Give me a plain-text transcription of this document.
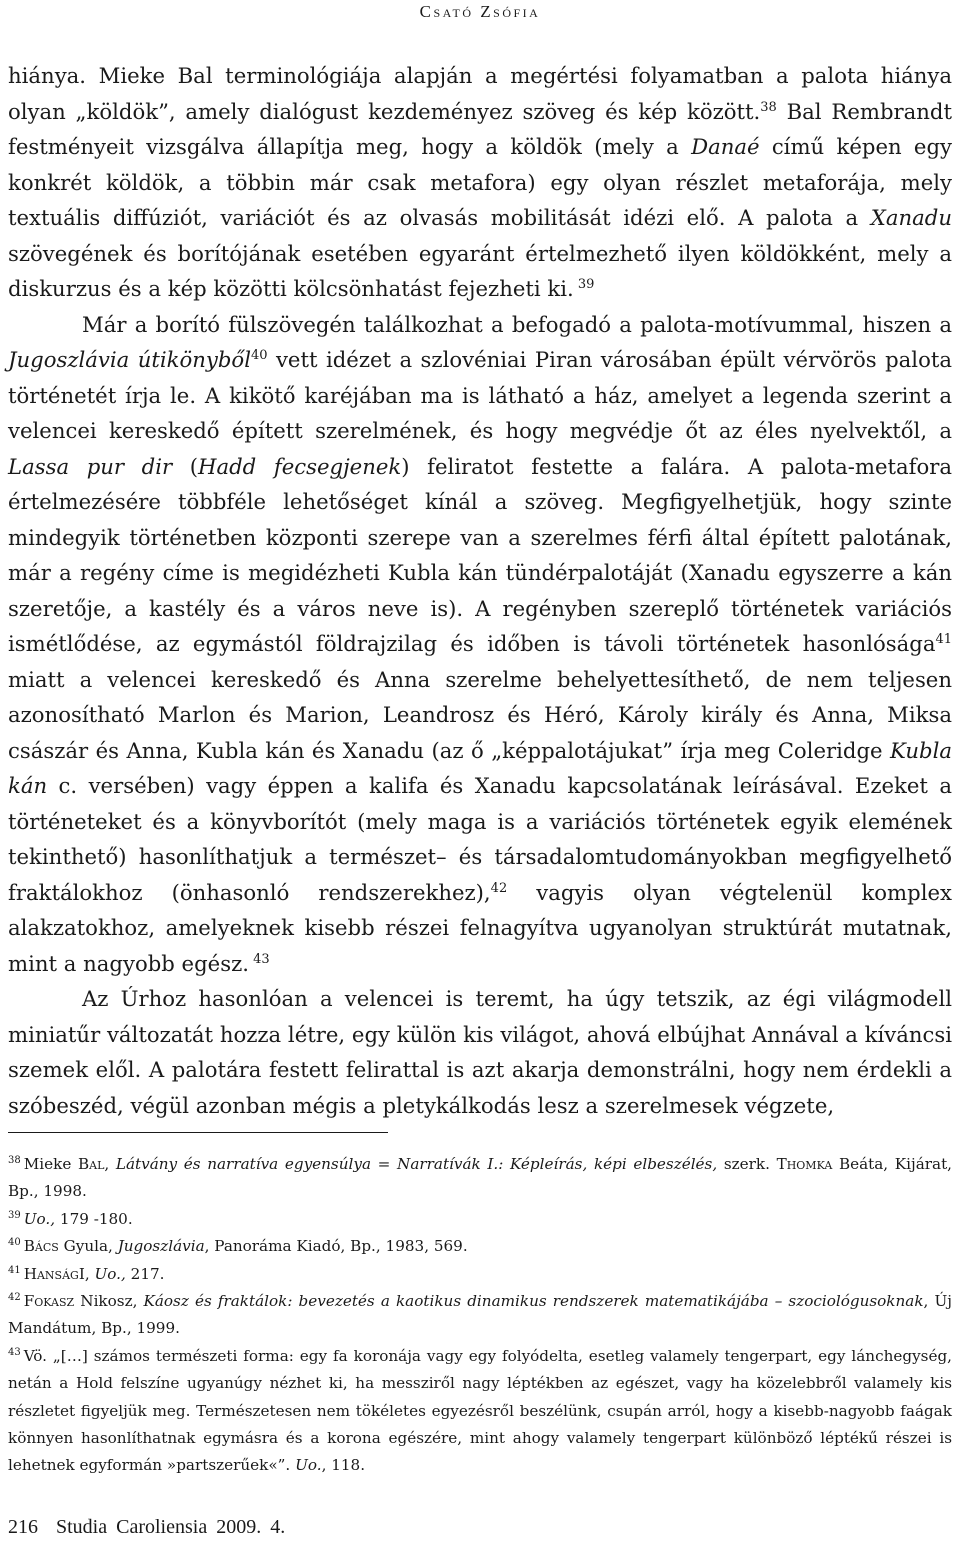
Csató Zsófia

hiánya. Mieke Bal terminológiája alapján a megértési folyamatban a palota hiánya olyan „köldök”, amely dialógust kezdeményez szöveg és kép között.$^{38}$ Bal Rembrandt festményeit vizsgálva állapítja meg, hogy a köldök (mely a Danaé című képen egy konkrét köldök, a többin már csak metafora) egy olyan részlet metaforája, mely textuális diffúziót, variációt és az olvasás mobilitását idézi elő. A palota a Xanadu szövegének és borítójának esetében egyaránt értelmezhető ilyen köldökként, mely a diskurzus és a kép közötti kölcsönhatást fejezheti ki. $^{39}$

Már a borító fülszövegén találkozhat a befogadó a palota-motívummal, hiszen a Jugoszlávia útikönyből$^{40}$ vett idézet a szlovéniai Piran városában épült vérvörös palota történetét írja le. A kikötő karéjában ma is látható a ház, amelyet a legenda szerint a velencei kereskedő épített szerelmének, és hogy megvédje őt az éles nyelvektől, a Lassa pur dir (Hadd fecsegjenek) feliratot festette a falára. A palota-metafora értelmezésére többféle lehetőséget kínál a szöveg. Megfigyelhetjük, hogy szinte mindegyik történetben központi szerepe van a szerelmes férfi által épített palotának, már a regény címe is megidézheti Kubla kán tündérpalotáját (Xanadu egyszerre a kán szeretője, a kastély és a város neve is). A regényben szereplő történetek variációs ismétlődése, az egymástól földrajzilag és időben is távoli történetek hasonlósága$^{41}$ miatt a velencei kereskedő és Anna szerelme behelyettesíthető, de nem teljesen azonosítható Marlon és Marion, Leandrosz és Héró, Károly király és Anna, Miksa császár és Anna, Kubla kán és Xanadu (az ő „képpalotájukat” írja meg Coleridge Kubla kán c. versében) vagy éppen a kalifa és Xanadu kapcsolatának leírásával. Ezeket a történeteket és a könyvborítót (mely maga is a variációs történetek egyik elemének tekinthető) hasonlíthatjuk a természet– és társadalomtudományokban megfigyelhető fraktálokhoz (önhasonló rendszerekhez),$^{42}$ vagyis olyan végtelenül komplex alakzatokhoz, amelyeknek kisebb részei felnagyítva ugyanolyan struktúrát mutatnak, mint a nagyobb egész. $^{43}$

Az Úrhoz hasonlóan a velencei is teremt, ha úgy tetszik, az égi világmodell miniatűr változatát hozza létre, egy külön kis világot, ahová elbújhat Annával a kíváncsi szemek elől. A palotára festett felirattal is azt akarja demonstrálni, hogy nem érdekli a szóbeszéd, végül azonban mégis a pletykálkodás lesz a szerelmesek végzete,

$^{38}$ Mieke Bal, Látvány és narratíva egyensúlya = Narratívák I.: Képleírás, képi elbeszélés, szerk. Thomka Beáta, Kijárat, Bp., 1998.

$^{39}$ Uo., 179 -180.

$^{40}$ Bács Gyula, Jugoszlávia, Panoráma Kiadó, Bp., 1983, 569.

$^{41}$ HanságI, Uo., 217.

$^{42}$ Fokasz Nikosz, Káosz és fraktálok: bevezetés a kaotikus dinamikus rendszerek matematikájába – szociológusoknak, Új Mandátum, Bp., 1999.

$^{43}$ Vö. „[…] számos természeti forma: egy fa koronája vagy egy folyódelta, esetleg valamely tengerpart, egy lánchegység, netán a Hold felszíne ugyanúgy nézhet ki, ha messziről nagy léptékben az egészet, vagy ha közelebbről valamely kis részletet figyeljük meg. Természetesen nem tökéletes egyezésről beszélünk, csupán arról, hogy a kisebb-nagyobb faágak könnyen hasonlíthatnak egymásra és a korona egészére, mint ahogy valamely tengerpart különböző léptékű részei is lehetnek egyformán »partszerűek«”. Uo., 118.

216 Studia Caroliensia 2009. 4.
